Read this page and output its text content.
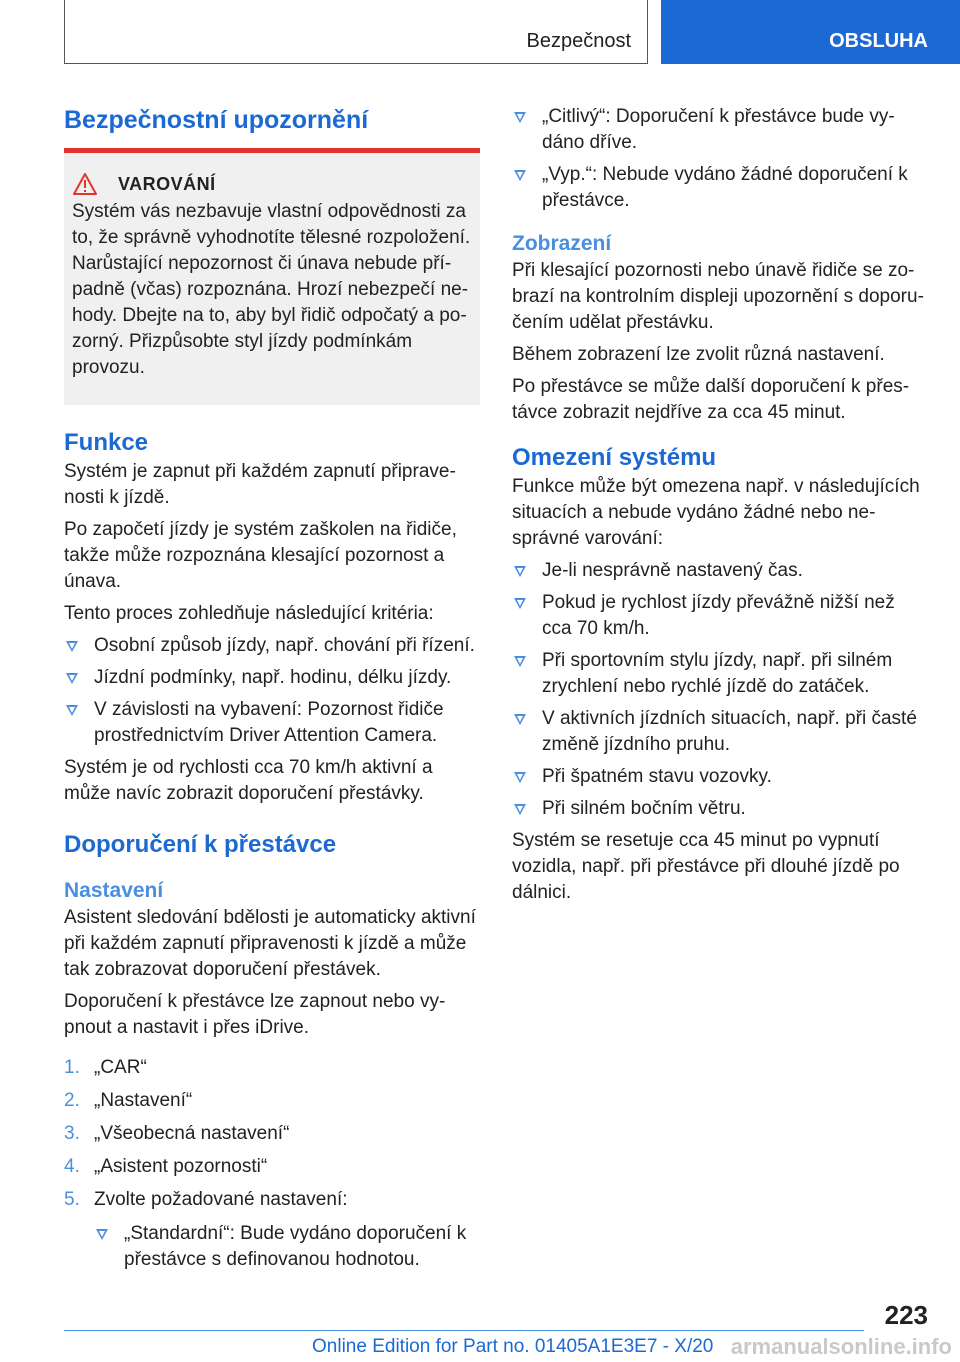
Bezpečnost	OBSLUHA
Bezpečnostní upozornění
VAROVÁNÍ

Systém vás nezbavuje vlastní odpovědnosti za to, že správně vyhodnotíte tělesné rozpoložení. Narůstající nepozornost či únava nebude případně (včas) rozpoznána. Hrozí nebezpečí nehody. Dbejte na to, aby byl řidič odpočatý a pozorný. Přizpůsobte styl jízdy podmínkám provozu.

Funkce

Systém je zapnut při každém zapnutí připravenosti k jízdě.

Po započetí jízdy je systém zaškolen na řidiče, takže může rozpoznána klesající pozornost a únava.

Tento proces zohledňuje následující kritéria:

Osobní způsob jízdy, např. chování při řízení.
Jízdní podmínky, např. hodinu, délku jízdy.
V závislosti na vybavení: Pozornost řidiče prostřednictvím Driver Attention Camera.

Systém je od rychlosti cca 70 km/h aktivní a může navíc zobrazit doporučení přestávky.

Doporučení k přestávce
Nastavení

Asistent sledování bdělosti je automaticky aktivní při každém zapnutí připravenosti k jízdě a může tak zobrazovat doporučení přestávek.

Doporučení k přestávce lze zapnout nebo vypnout a nastavit i přes iDrive.

1. „CAR“
2. „Nastavení“
3. „Všeobecná nastavení“
4. „Asistent pozornosti“
5. Zvolte požadované nastavení:
„Standardní“: Bude vydáno doporučení k přestávce s definovanou hodnotou.
„Citlivý“: Doporučení k přestávce bude vydáno dříve.
„Vyp.“: Nebude vydáno žádné doporučení k přestávce.
Zobrazení

Při klesající pozornosti nebo únavě řidiče se zobrazí na kontrolním displeji upozornění s doporučením udělat přestávku.

Během zobrazení lze zvolit různá nastavení.

Po přestávce se může další doporučení k přestávce zobrazit nejdříve za cca 45 minut.

Omezení systému

Funkce může být omezena např. v následujících situacích a nebude vydáno žádné nebo nesprávné varování:

Je-li nesprávně nastavený čas.
Pokud je rychlost jízdy převážně nižší než cca 70 km/h.
Při sportovním stylu jízdy, např. při silném zrychlení nebo rychlé jízdě do zatáček.
V aktivních jízdních situacích, např. při časté změně jízdního pruhu.
Při špatném stavu vozovky.
Při silném bočním větru.

Systém se resetuje cca 45 minut po vypnutí vozidla, např. při přestávce při dlouhé jízdě po dálnici.

223
Online Edition for Part no. 01405A1E3E7 - X/20 armanualsonline.info
